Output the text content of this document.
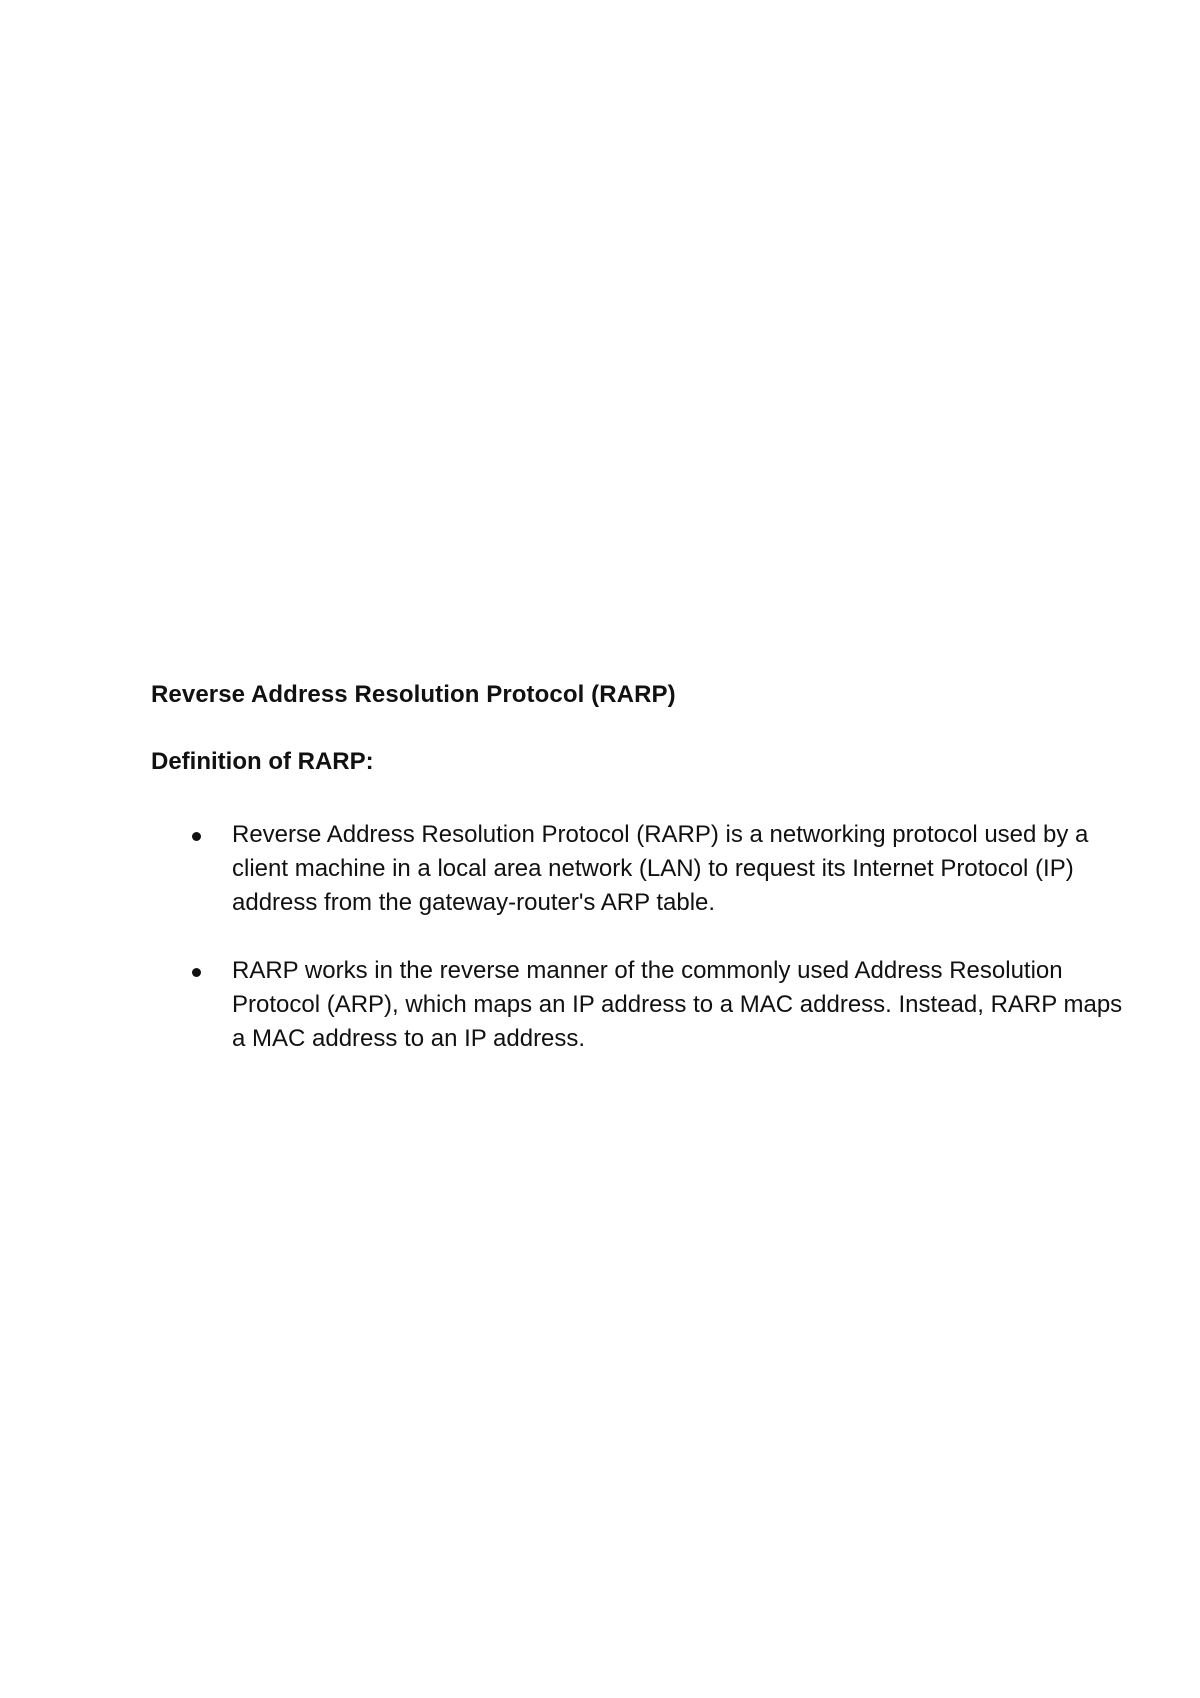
Reverse Address Resolution Protocol (RARP)
Definition of RARP:
Reverse Address Resolution Protocol (RARP) is a networking protocol used by a
client machine in a local area network (LAN) to request its Internet Protocol (IP)
address from the gateway-router's ARP table.
RARP works in the reverse manner of the commonly used Address Resolution
Protocol (ARP), which maps an IP address to a MAC address. Instead, RARP maps
a MAC address to an IP address.
